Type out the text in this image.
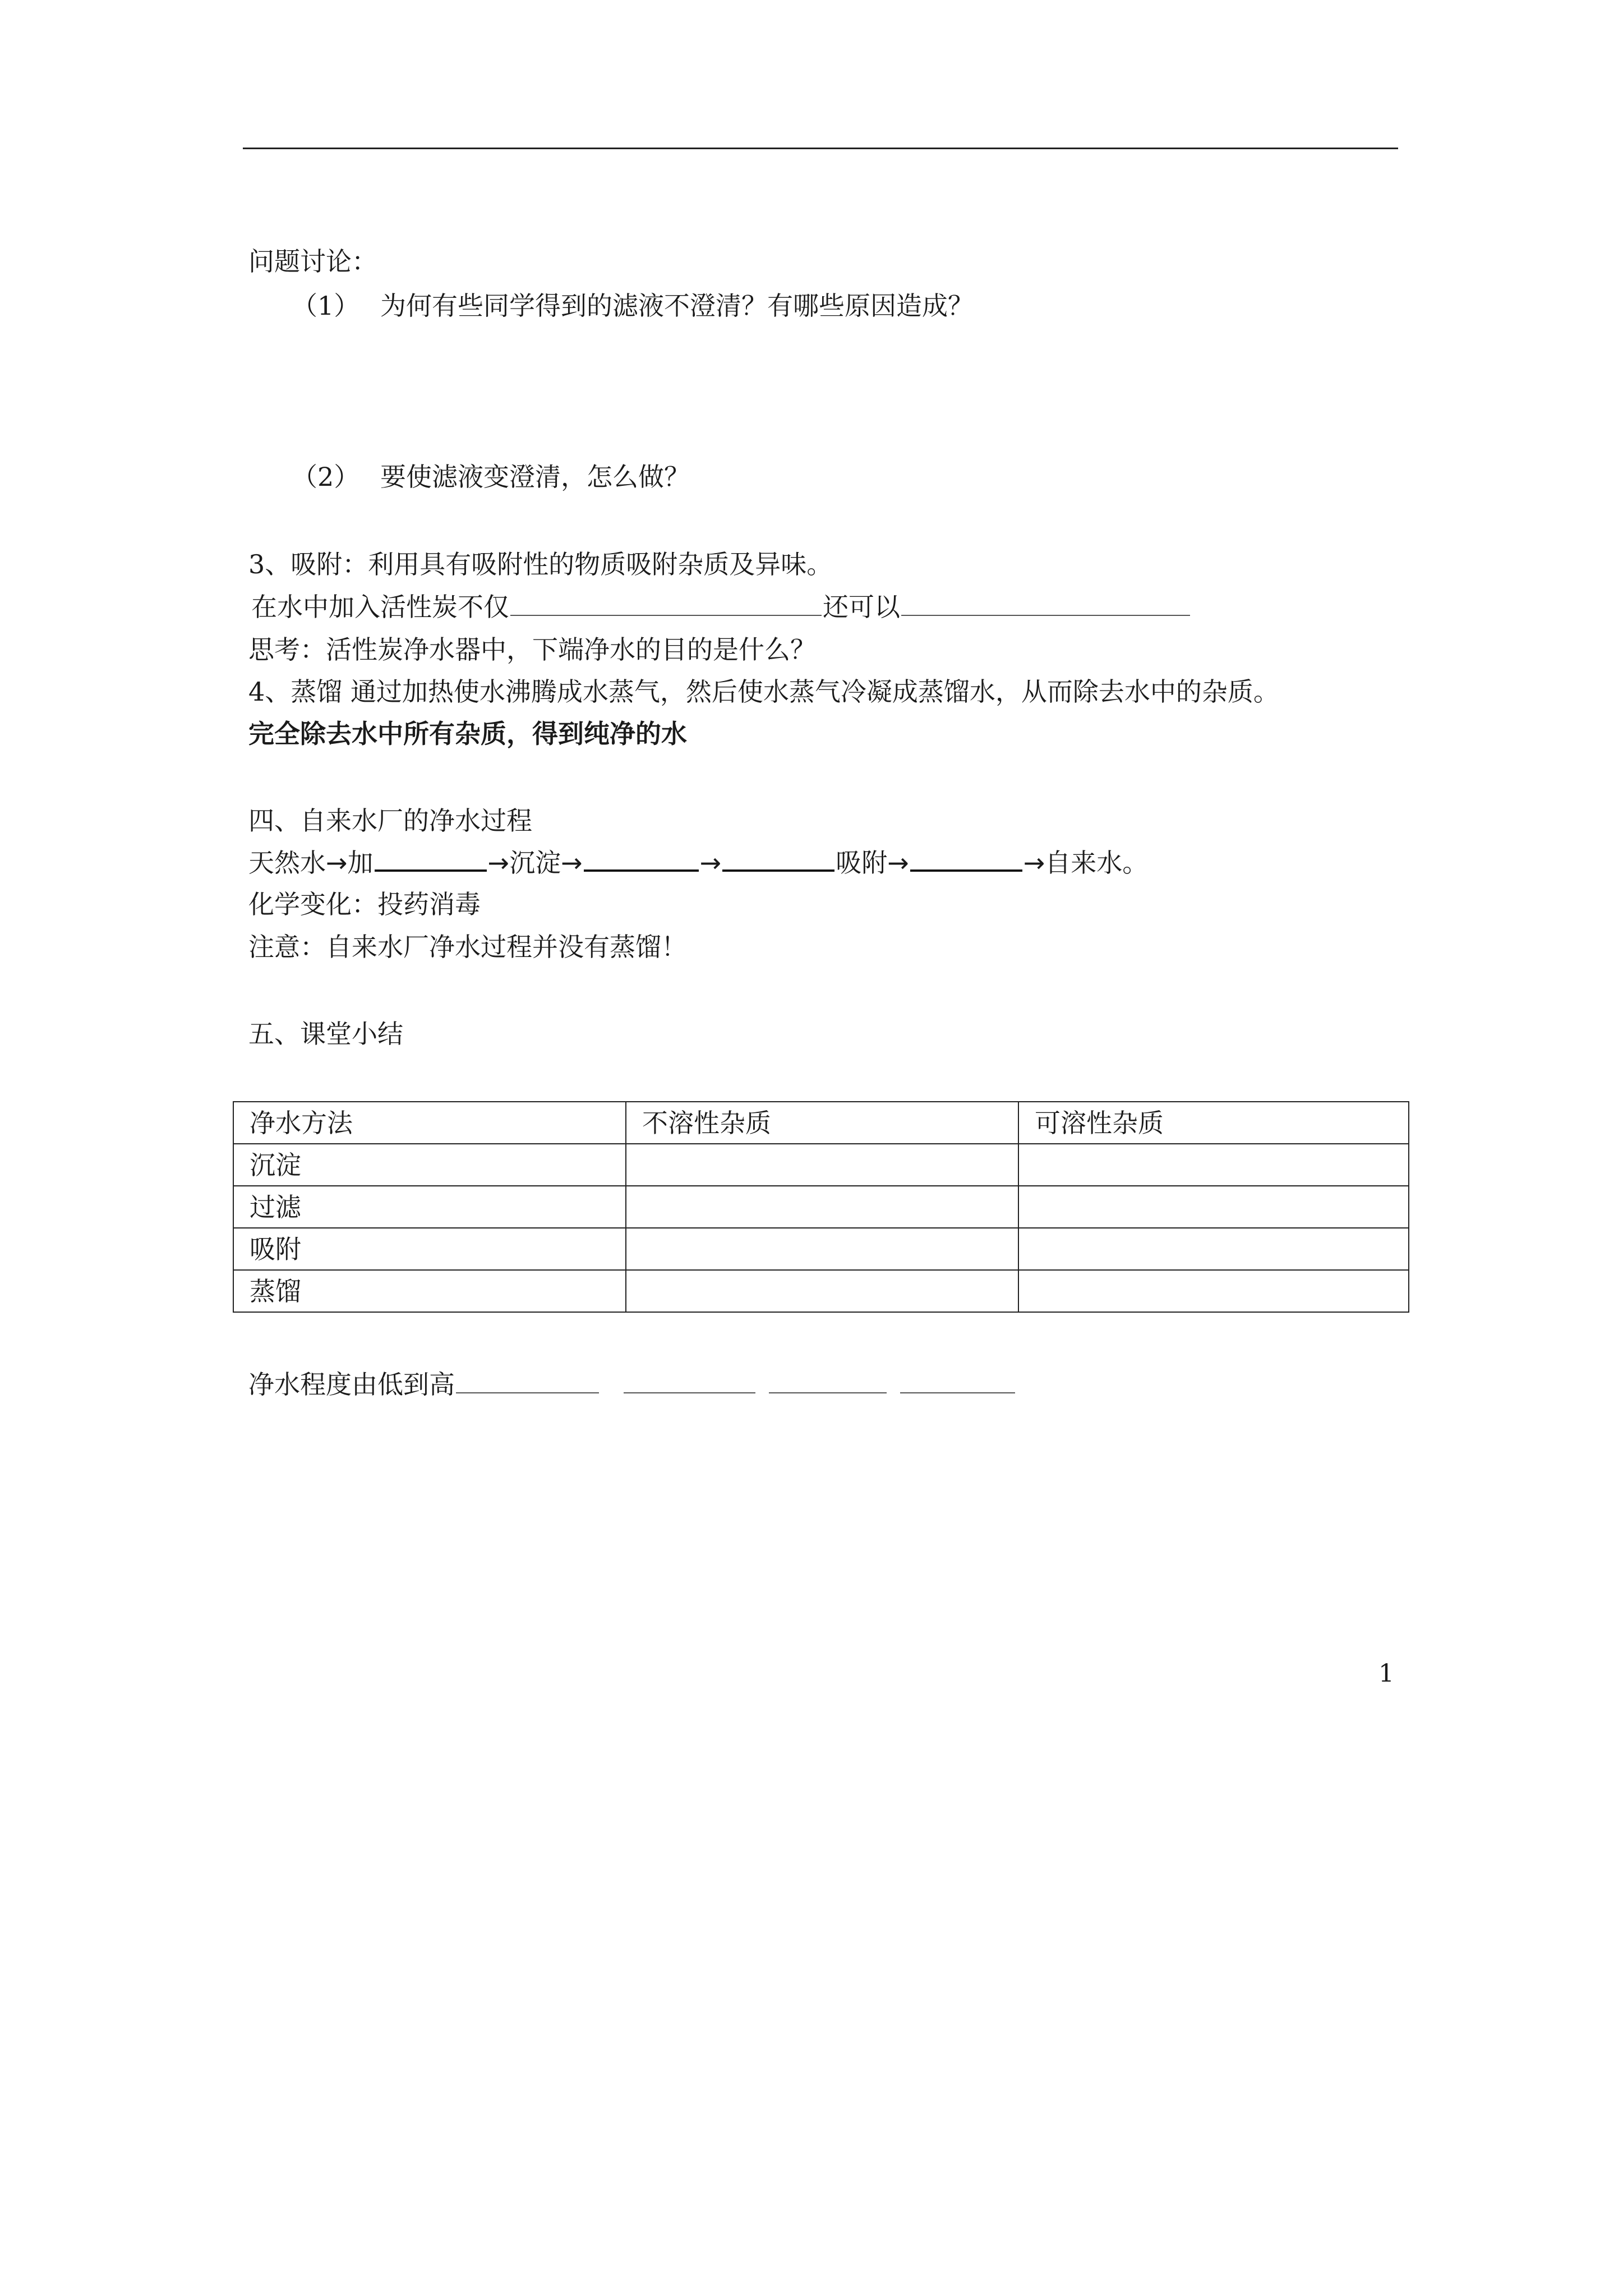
问题讨论：
（1） 为何有些同学得到的滤液不澄清？有哪些原因造成？
（2） 要使滤液变澄清，怎么做？
3、吸附：利用具有吸附性的物质吸附杂质及异味。
在水中加入活性炭不仅	还可以
思考：活性炭净水器中，下端净水的目的是什么？
4、蒸馏 通过加热使水沸腾成水蒸气，然后使水蒸气冷凝成蒸馏水，从而除去水中的杂质。
完全除去水中所有杂质，得到纯净的水
四、自来水厂的净水过程
天然水→加	→沉淀→	→	吸附→	→自来水。
化学变化：投药消毒
注意：自来水厂净水过程并没有蒸馏！
五、课堂小结
净水方法	不溶性杂质	可溶性杂质
沉淀		
过滤		
吸附		
蒸馏		
净水程度由低到高
1
